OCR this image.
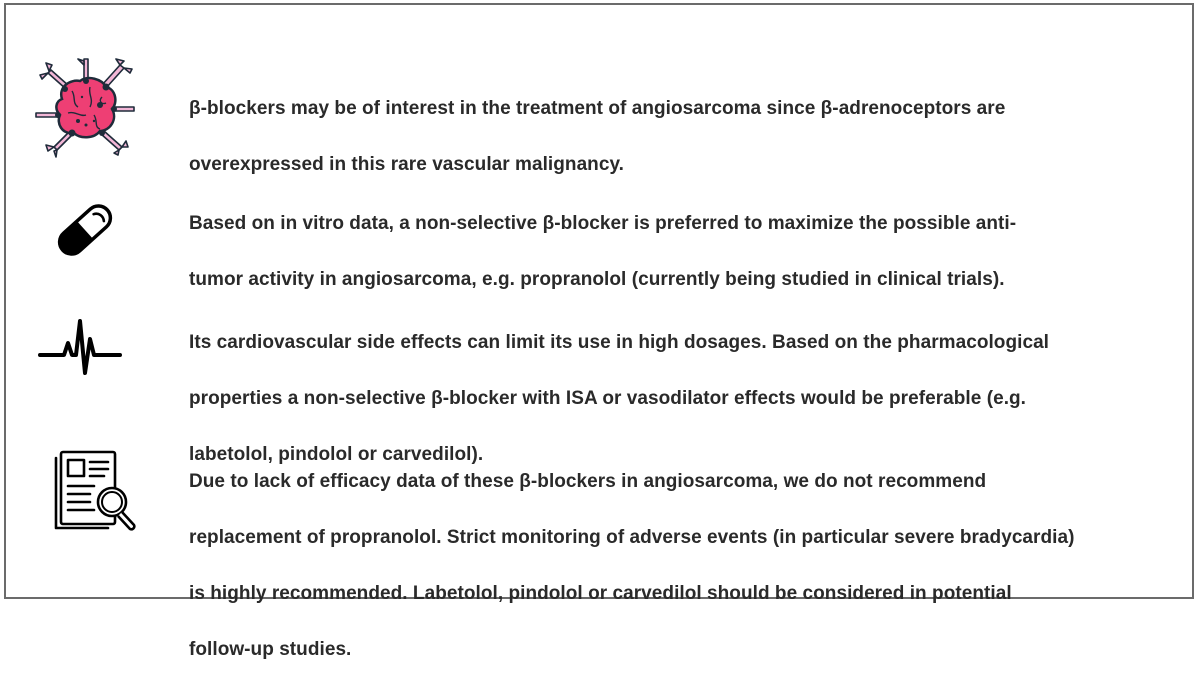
β-blockers may be of interest in the treatment of angiosarcoma since β-adrenoceptors are

overexpressed in this rare vascular malignancy.

Based on in vitro data, a non-selective β-blocker is preferred to maximize the possible anti-

tumor activity in angiosarcoma, e.g. propranolol (currently being studied in clinical trials).

Its cardiovascular side effects can limit its use in high dosages. Based on the pharmacological

properties a non-selective β-blocker with ISA or vasodilator effects would be preferable (e.g.

labetolol, pindolol or carvedilol).

Due to lack of efficacy data of these β-blockers in angiosarcoma, we do not recommend

replacement of propranolol. Strict monitoring of adverse events (in particular severe bradycardia)

is highly recommended. Labetolol, pindolol or carvedilol should be considered in potential

follow-up studies.
